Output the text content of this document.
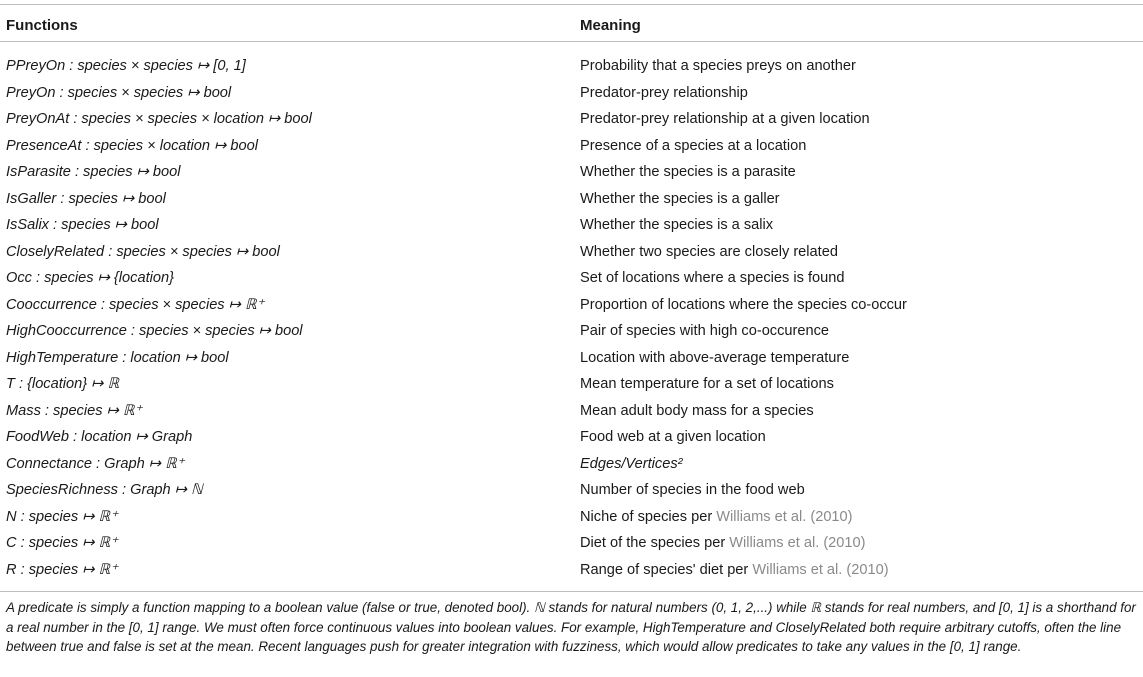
Functions	Meaning
PPreyOn : species × species ↦ [0, 1]	Probability that a species preys on another
PreyOn : species × species ↦ bool	Predator-prey relationship
PreyOnAt : species × species × location ↦ bool	Predator-prey relationship at a given location
PresenceAt : species × location ↦ bool	Presence of a species at a location
IsParasite : species ↦ bool	Whether the species is a parasite
IsGaller : species ↦ bool	Whether the species is a galler
IsSalix : species ↦ bool	Whether the species is a salix
CloselyRelated : species × species ↦ bool	Whether two species are closely related
Occ : species ↦ {location}	Set of locations where a species is found
Cooccurrence : species × species ↦ ℝ⁺	Proportion of locations where the species co-occur
HighCooccurrence : species × species ↦ bool	Pair of species with high co-occurence
HighTemperature : location ↦ bool	Location with above-average temperature
T : {location} ↦ ℝ	Mean temperature for a set of locations
Mass : species ↦ ℝ⁺	Mean adult body mass for a species
FoodWeb : location ↦ Graph	Food web at a given location
Connectance : Graph ↦ ℝ⁺	Edges/Vertices²
SpeciesRichness : Graph ↦ ℕ	Number of species in the food web
N : species ↦ ℝ⁺	Niche of species per Williams et al. (2010)
C : species ↦ ℝ⁺	Diet of the species per Williams et al. (2010)
R : species ↦ ℝ⁺	Range of species' diet per Williams et al. (2010)
A predicate is simply a function mapping to a boolean value (false or true, denoted bool). ℕ stands for natural numbers (0, 1, 2,...) while ℝ stands for real numbers, and [0, 1] is a shorthand for a real number in the [0, 1] range. We must often force continuous values into boolean values. For example, HighTemperature and CloselyRelated both require arbitrary cutoffs, often the line between true and false is set at the mean. Recent languages push for greater integration with fuzziness, which would allow predicates to take any values in the [0, 1] range.
